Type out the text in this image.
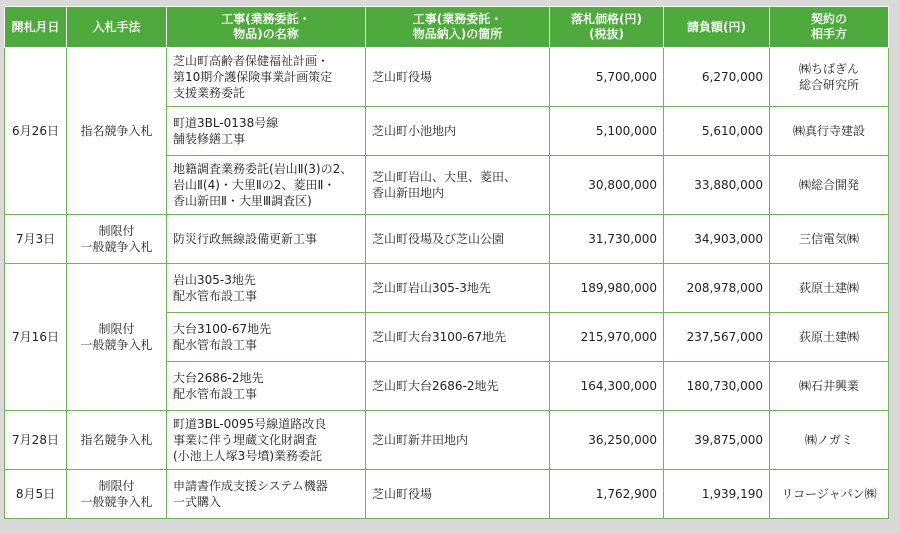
開札月日	入札手法	工事(業務委託・
物品)の名称	工事(業務委託・
物品納入)の箇所	落札価格(円)
(税抜)	請負額(円)	契約の
相手方
6月26日	指名競争入札	芝山町高齢者保健福祉計画・
第10期介護保険事業計画策定
支援業務委託	芝山町役場	5,700,000	6,270,000	㈱ちばぎん
総合研究所
		町道3BL-0138号線
舗装修繕工事	芝山町小池地内	5,100,000	5,610,000	㈱真行寺建設
		地籍調査業務委託(岩山Ⅱ(3)の2、
岩山Ⅱ(4)・大里Ⅱの2、菱田Ⅱ・
香山新田Ⅱ・大里Ⅲ調査区)	芝山町岩山、大里、菱田、
香山新田地内	30,800,000	33,880,000	㈱総合開発
7月3日	制限付
一般競争入札	防災行政無線設備更新工事	芝山町役場及び芝山公園	31,730,000	34,903,000	三信電気㈱
7月16日	制限付
一般競争入札	岩山305-3地先
配水管布設工事	芝山町岩山305-3地先	189,980,000	208,978,000	荻原土建㈱
		大台3100-67地先
配水管布設工事	芝山町大台3100-67地先	215,970,000	237,567,000	荻原土建㈱
		大台2686-2地先
配水管布設工事	芝山町大台2686-2地先	164,300,000	180,730,000	㈱石井興業
7月28日	指名競争入札	町道3BL-0095号線道路改良
事業に伴う埋蔵文化財調査
(小池上人塚3号墳)業務委託	芝山町新井田地内	36,250,000	39,875,000	㈱ノガミ
8月5日	制限付
一般競争入札	申請書作成支援システム機器
一式購入	芝山町役場	1,762,900	1,939,190	リコージャパン㈱
